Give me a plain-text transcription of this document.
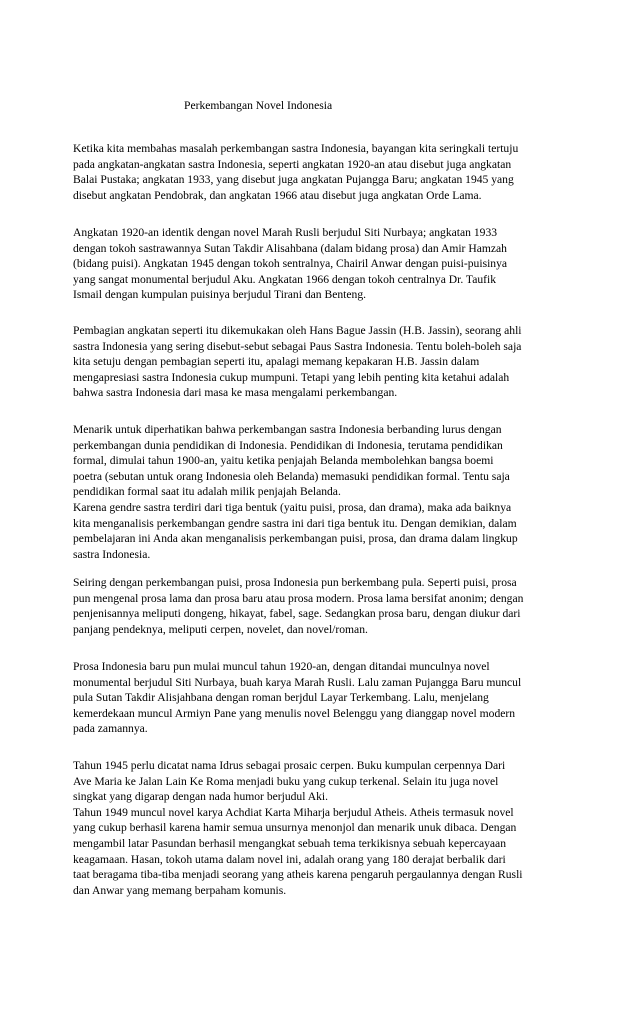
Perkembangan Novel Indonesia
Ketika kita membahas masalah perkembangan sastra Indonesia, bayangan kita seringkali tertuju
pada angkatan-angkatan sastra Indonesia, seperti angkatan 1920-an atau disebut juga angkatan
Balai Pustaka; angkatan 1933, yang disebut juga angkatan Pujangga Baru; angkatan 1945 yang
disebut angkatan Pendobrak, dan angkatan 1966 atau disebut juga angkatan Orde Lama.
Angkatan 1920-an identik dengan novel Marah Rusli berjudul Siti Nurbaya; angkatan 1933
dengan tokoh sastrawannya Sutan Takdir Alisahbana (dalam bidang prosa) dan Amir Hamzah
(bidang puisi). Angkatan 1945 dengan tokoh sentralnya, Chairil Anwar dengan puisi-puisinya
yang sangat monumental berjudul Aku. Angkatan 1966 dengan tokoh centralnya Dr. Taufik
Ismail dengan kumpulan puisinya berjudul Tirani dan Benteng.
Pembagian angkatan seperti itu dikemukakan oleh Hans Bague Jassin (H.B. Jassin), seorang ahli
sastra Indonesia yang sering disebut-sebut sebagai Paus Sastra Indonesia. Tentu boleh-boleh saja
kita setuju dengan pembagian seperti itu, apalagi memang kepakaran H.B. Jassin dalam
mengapresiasi sastra Indonesia cukup mumpuni. Tetapi yang lebih penting kita ketahui adalah
bahwa sastra Indonesia dari masa ke masa mengalami perkembangan.
Menarik untuk diperhatikan bahwa perkembangan sastra Indonesia berbanding lurus dengan
perkembangan dunia pendidikan di Indonesia. Pendidikan di Indonesia, terutama pendidikan
formal, dimulai tahun 1900-an, yaitu ketika penjajah Belanda membolehkan bangsa boemi
poetra (sebutan untuk orang Indonesia oleh Belanda) memasuki pendidikan formal. Tentu saja
pendidikan formal saat itu adalah milik penjajah Belanda.
Karena gendre sastra terdiri dari tiga bentuk (yaitu puisi, prosa, dan drama), maka ada baiknya
kita menganalisis perkembangan gendre sastra ini dari tiga bentuk itu. Dengan demikian, dalam
pembelajaran ini Anda akan menganalisis perkembangan puisi, prosa, dan drama dalam lingkup
sastra Indonesia.
Seiring dengan perkembangan puisi, prosa Indonesia pun berkembang pula. Seperti puisi, prosa
pun mengenal prosa lama dan prosa baru atau prosa modern. Prosa lama bersifat anonim; dengan
penjenisannya meliputi dongeng, hikayat, fabel, sage. Sedangkan prosa baru, dengan diukur dari
panjang pendeknya, meliputi cerpen, novelet, dan novel/roman.
Prosa Indonesia baru pun mulai muncul tahun 1920-an, dengan ditandai munculnya novel
monumental berjudul Siti Nurbaya, buah karya Marah Rusli. Lalu zaman Pujangga Baru muncul
pula Sutan Takdir Alisjahbana dengan roman berjdul Layar Terkembang. Lalu, menjelang
kemerdekaan muncul Armiyn Pane yang menulis novel Belenggu yang dianggap novel modern
pada zamannya.
Tahun 1945 perlu dicatat nama Idrus sebagai prosaic cerpen. Buku kumpulan cerpennya Dari
Ave Maria ke Jalan Lain Ke Roma menjadi buku yang cukup terkenal. Selain itu juga novel
singkat yang digarap dengan nada humor berjudul Aki.
Tahun 1949 muncul novel karya Achdiat Karta Miharja berjudul Atheis. Atheis termasuk novel
yang cukup berhasil karena hamir semua unsurnya menonjol dan menarik unuk dibaca. Dengan
mengambil latar Pasundan berhasil mengangkat sebuah tema terkikisnya sebuah kepercayaan
keagamaan. Hasan, tokoh utama dalam novel ini, adalah orang yang 180 derajat berbalik dari
taat beragama tiba-tiba menjadi seorang yang atheis karena pengaruh pergaulannya dengan Rusli
dan Anwar yang memang berpaham komunis.
